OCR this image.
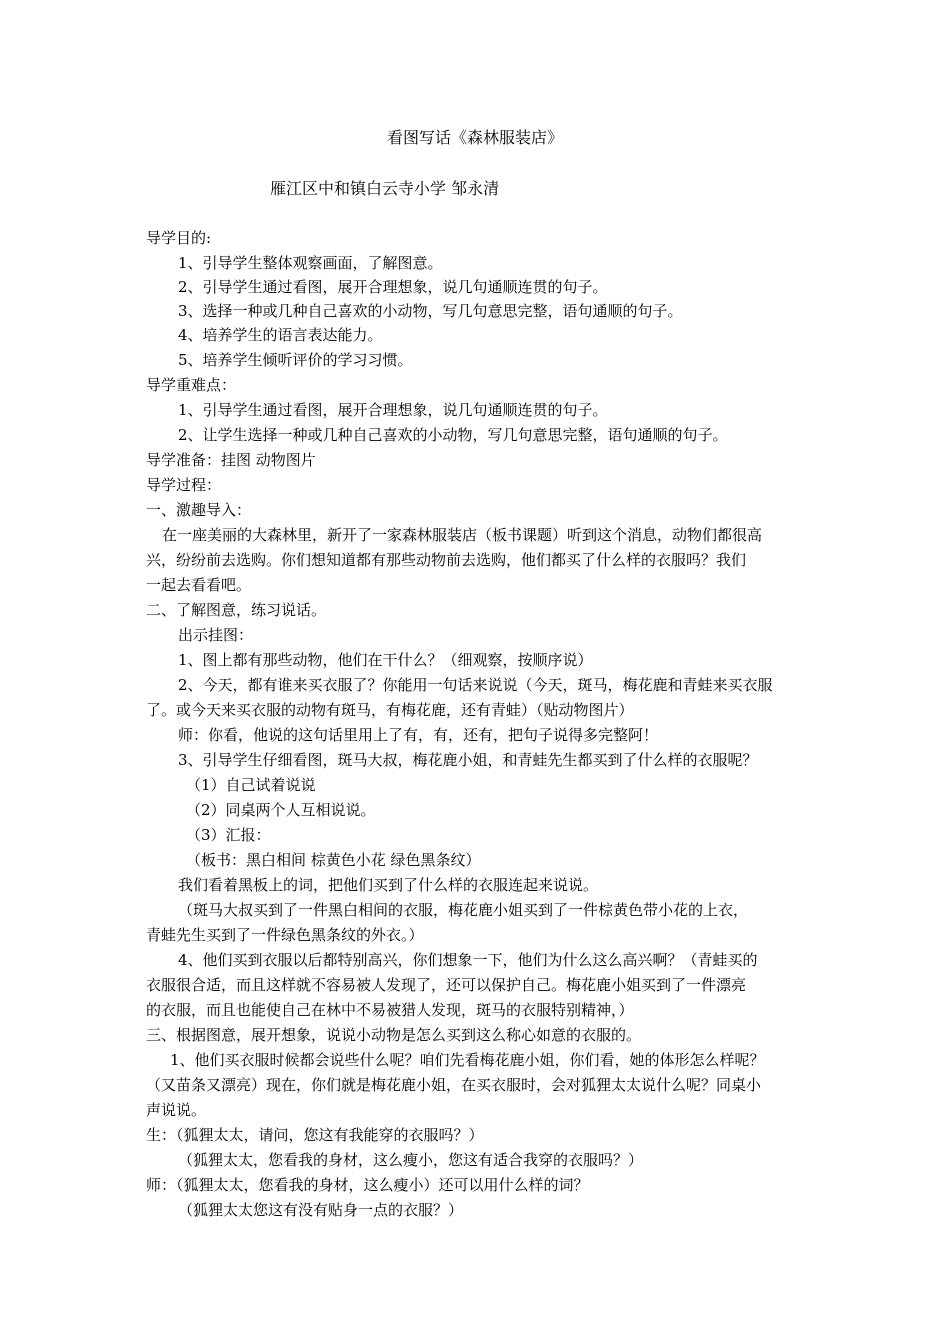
看图写话《森林服装店》
雁江区中和镇白云寺小学 邹永清
导学目的:
1、引导学生整体观察画面，了解图意。
2、引导学生通过看图，展开合理想象，说几句通顺连贯的句子。
3、选择一种或几种自己喜欢的小动物，写几句意思完整，语句通顺的句子。
4、培养学生的语言表达能力。
5、培养学生倾听评价的学习习惯。
导学重难点：
1、引导学生通过看图，展开合理想象，说几句通顺连贯的句子。
2、让学生选择一种或几种自己喜欢的小动物，写几句意思完整，语句通顺的句子。
导学准备：挂图 动物图片
导学过程：
一、激趣导入：
在一座美丽的大森林里，新开了一家森林服装店（板书课题）听到这个消息，动物们都很高
兴，纷纷前去选购。你们想知道都有那些动物前去选购，他们都买了什么样的衣服吗？我们
一起去看看吧。
二、了解图意，练习说话。
出示挂图：
1、图上都有那些动物，他们在干什么？（细观察，按顺序说）
2、今天，都有谁来买衣服了？你能用一句话来说说（今天，斑马，梅花鹿和青蛙来买衣服
了。或今天来买衣服的动物有斑马，有梅花鹿，还有青蛙）（贴动物图片）
师：你看，他说的这句话里用上了有，有，还有，把句子说得多完整阿！
3、引导学生仔细看图，斑马大叔，梅花鹿小姐，和青蛙先生都买到了什么样的衣服呢？
（1）自己试着说说
（2）同桌两个人互相说说。
（3）汇报：
（板书：黑白相间 棕黄色小花 绿色黑条纹）
我们看着黑板上的词，把他们买到了什么样的衣服连起来说说。
（斑马大叔买到了一件黑白相间的衣服，梅花鹿小姐买到了一件棕黄色带小花的上衣，
青蛙先生买到了一件绿色黑条纹的外衣。）
4、他们买到衣服以后都特别高兴，你们想象一下，他们为什么这么高兴啊？（青蛙买的
衣服很合适，而且这样就不容易被人发现了，还可以保护自己。梅花鹿小姐买到了一件漂亮
的衣服，而且也能使自己在林中不易被猎人发现，斑马的衣服特别精神，）
三、根据图意，展开想象，说说小动物是怎么买到这么称心如意的衣服的。
1、他们买衣服时候都会说些什么呢？咱们先看梅花鹿小姐，你们看，她的体形怎么样呢？
（又苗条又漂亮）现在，你们就是梅花鹿小姐，在买衣服时，会对狐狸太太说什么呢？同桌小
声说说。
生：（狐狸太太，请问，您这有我能穿的衣服吗？）
（狐狸太太，您看我的身材，这么瘦小，您这有适合我穿的衣服吗？）
师：（狐狸太太，您看我的身材，这么瘦小）还可以用什么样的词？
（狐狸太太您这有没有贴身一点的衣服？）
